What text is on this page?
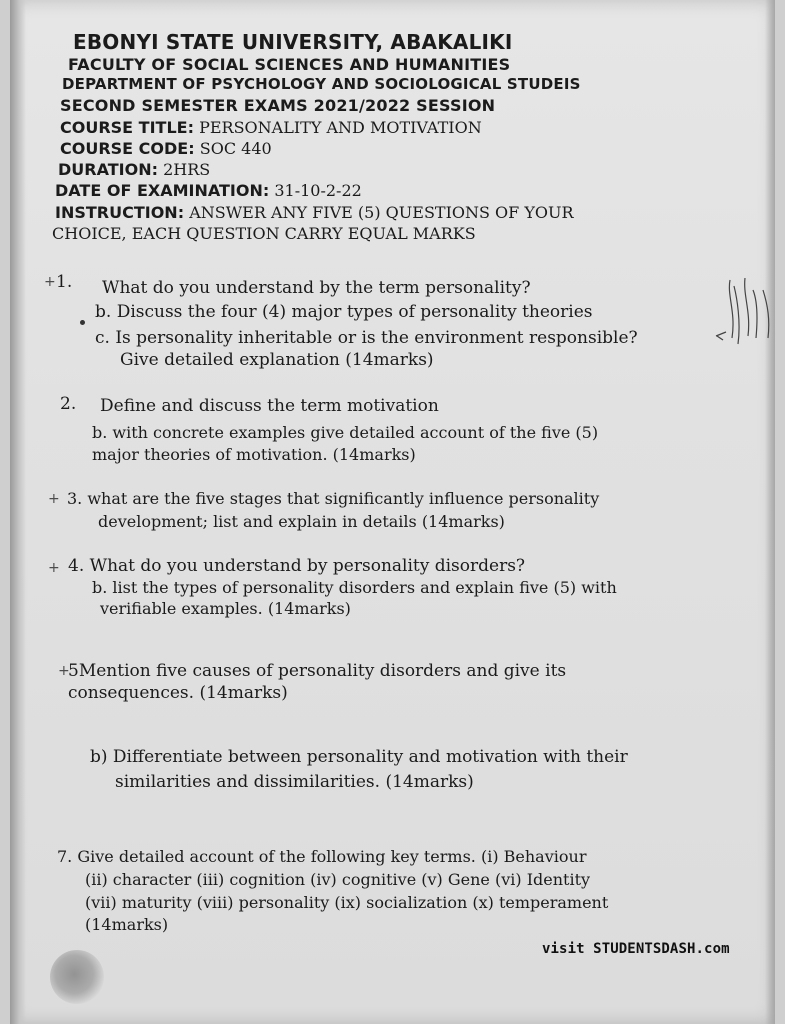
EBONYI STATE UNIVERSITY, ABAKALIKI
FACULTY OF SOCIAL SCIENCES AND HUMANITIES
DEPARTMENT OF PSYCHOLOGY AND SOCIOLOGICAL STUDEIS
SECOND SEMESTER EXAMS 2021/2022 SESSION
COURSE TITLE: PERSONALITY AND MOTIVATION
COURSE CODE: SOC 440
DURATION: 2HRS
DATE OF EXAMINATION: 31-10-2-22
INSTRUCTION: ANSWER ANY FIVE (5) QUESTIONS OF YOUR
CHOICE, EACH QUESTION CARRY EQUAL MARKS
+ 1. What do you understand by the term personality?
b. Discuss the four (4) major types of personality theories
c. Is personality inheritable or is the environment responsible?
Give detailed explanation (14marks)
2. Define and discuss the term motivation
b. with concrete examples give detailed account of the five (5)
major theories of motivation. (14marks)
+ 3. what are the five stages that significantly influence personality
development; list and explain in details (14marks)
+ 4. What do you understand by personality disorders?
b. list the types of personality disorders and explain five (5) with
verifiable examples. (14marks)
+
5Mention five causes of personality disorders and give its
consequences. (14marks)
b) Differentiate between personality and motivation with their
similarities and dissimilarities. (14marks)
7. Give detailed account of the following key terms. (i) Behaviour
(ii) character (iii) cognition (iv) cognitive (v) Gene (vi) Identity
(vii) maturity (viii) personality (ix) socialization (x) temperament
(14marks)
visit STUDENTSDASH.com
